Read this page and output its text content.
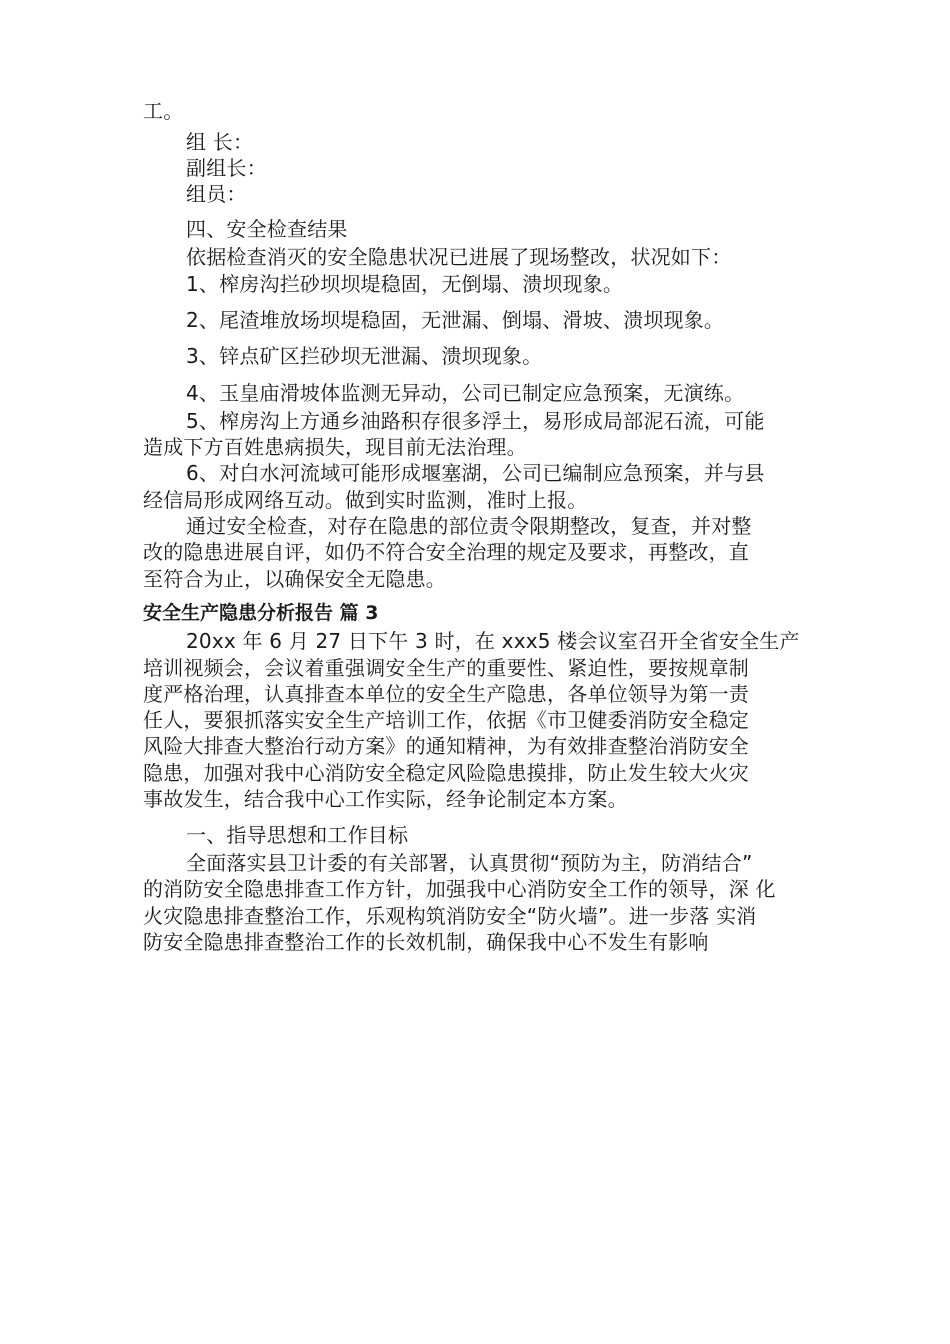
工。
组 长：
副组长：
组员：
四、安全检查结果
依据检查消灭的安全隐患状况已进展了现场整改，状况如下：
1、榨房沟拦砂坝坝堤稳固，无倒塌、溃坝现象。
2、尾渣堆放场坝堤稳固，无泄漏、倒塌、滑坡、溃坝现象。
3、锌点矿区拦砂坝无泄漏、溃坝现象。
4、玉皇庙滑坡体监测无异动，公司已制定应急预案，无演练。
5、榨房沟上方通乡油路积存很多浮土，易形成局部泥石流，可能
造成下方百姓患病损失，现目前无法治理。
6、对白水河流域可能形成堰塞湖，公司已编制应急预案，并与县
经信局形成网络互动。做到实时监测，准时上报。
通过安全检查，对存在隐患的部位责令限期整改，复查，并对整
改的隐患进展自评，如仍不符合安全治理的规定及要求，再整改，直
至符合为止，以确保安全无隐患。
安全生产隐患分析报告 篇 3
20xx 年 6 月 27 日下午 3 时，在 xxx5 楼会议室召开全省安全生产
培训视频会，会议着重强调安全生产的重要性、紧迫性，要按规章制
度严格治理，认真排查本单位的安全生产隐患，各单位领导为第一责
任人，要狠抓落实安全生产培训工作，依据《市卫健委消防安全稳定
风险大排查大整治行动方案》的通知精神，为有效排查整治消防安全
隐患，加强对我中心消防安全稳定风险隐患摸排，防止发生较大火灾
事故发生，结合我中心工作实际，经争论制定本方案。
一、指导思想和工作目标
全面落实县卫计委的有关部署，认真贯彻“预防为主，防消结合”
的消防安全隐患排查工作方针，加强我中心消防安全工作的领导，深 化
火灾隐患排查整治工作，乐观构筑消防安全“防火墙”。进一步落 实消
防安全隐患排查整治工作的长效机制，确保我中心不发生有影响
